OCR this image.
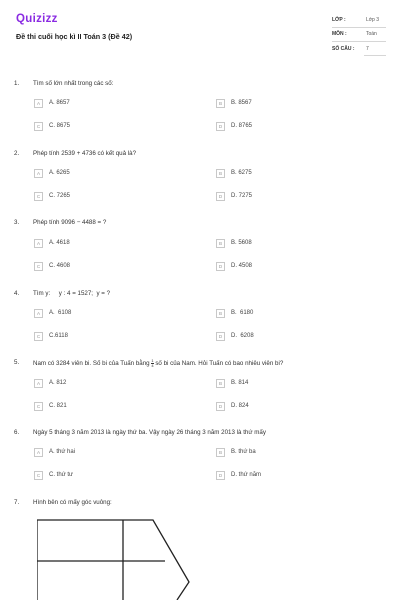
Quizizz
Đề thi cuối học kì II Toán 3 (Đề 42)
LỚP :	Lớp 3
MÔN :	Toán
SỐ CÂU : 7
1. Tìm số lớn nhất trong các số:
A	A. 8657	B	B. 8567
C	C. 8675	D	D. 8765
2. Phép tính 2539 + 4736 có kết quả là?
A	A. 6265	B	B. 6275
C	C. 7265	D	D. 7275
3. Phép tính 9096 − 4488 = ?
A	A. 4618	B	B. 5608
C	C. 4608	D	D. 4508
4. Tìm y:     y : 4 = 1527;  y = ?
A	A.  6108	B	B.  6180
C	C.6118	D	D.  6208
5. Nam có 3284 viên bi. Số bi của Tuấn bằng $\frac{1}{4}$ số bi của Nam. Hỏi Tuấn có bao nhiêu viên bi?
A	A. 812	B	B. 814
C	C. 821	D	D. 824
6. Ngày 5 tháng 3 năm 2013 là ngày thứ ba. Vậy ngày 26 tháng 3 năm 2013 là thứ mấy
A	A. thứ hai	B	B. thứ ba
C	C. thứ tư	D	D. thứ năm
7. Hình bên có mấy góc vuông:
